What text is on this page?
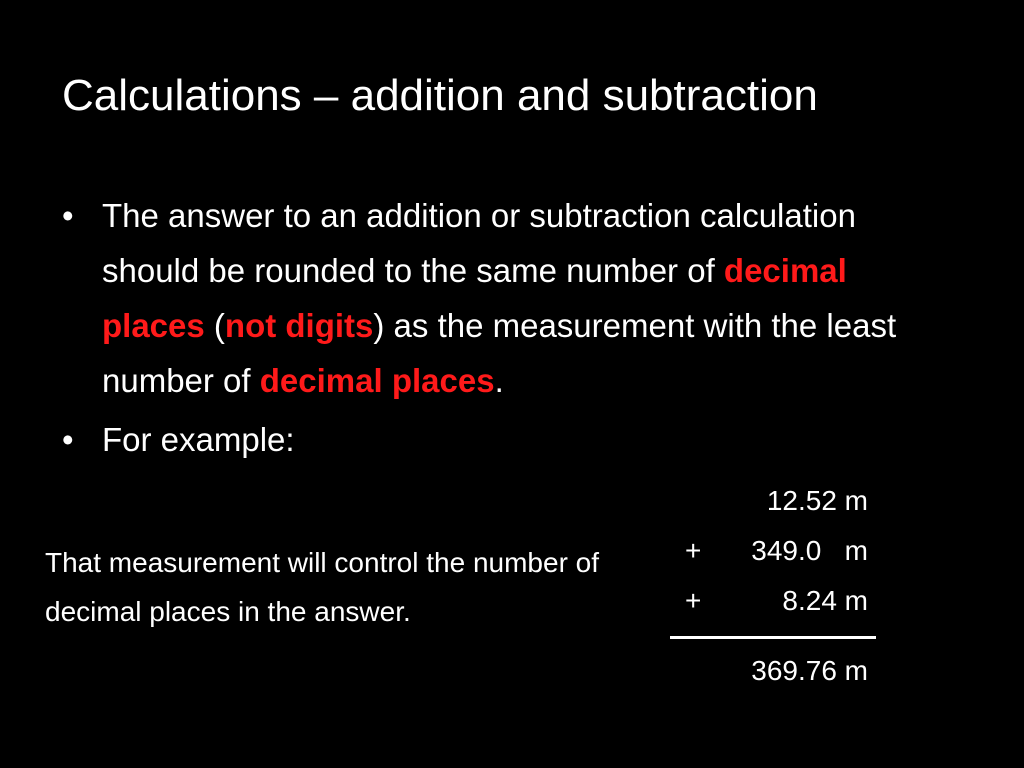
Calculations – addition and subtraction
• The answer to an addition or subtraction calculation should be rounded to the same number of decimal places (not digits) as the measurement with the least number of decimal places.
• For example:
That measurement will control the number of decimal places in the answer.
12.52 m
+ 349.0   m
+	8.24 m
369.76 m
